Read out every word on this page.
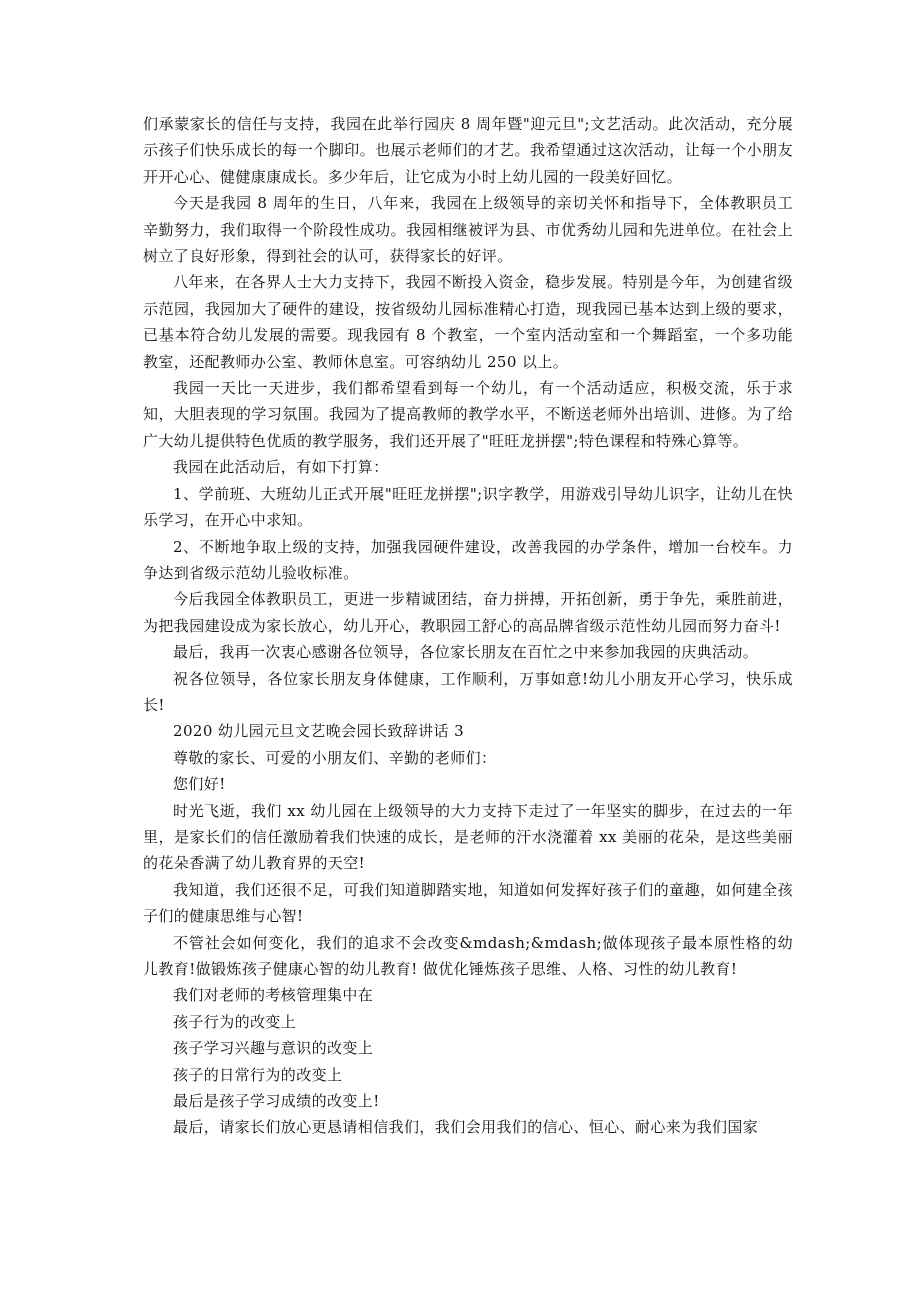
们承蒙家长的信任与支持，我园在此举行园庆 8 周年暨"迎元旦";文艺活动。此次活动，充分展示孩子们快乐成长的每一个脚印。也展示老师们的才艺。我希望通过这次活动，让每一个小朋友开开心心、健健康康成长。多少年后，让它成为小时上幼儿园的一段美好回忆。

今天是我园 8 周年的生日，八年来，我园在上级领导的亲切关怀和指导下，全体教职员工辛勤努力，我们取得一个阶段性成功。我园相继被评为县、市优秀幼儿园和先进单位。在社会上树立了良好形象，得到社会的认可，获得家长的好评。

八年来，在各界人士大力支持下，我园不断投入资金，稳步发展。特别是今年，为创建省级示范园，我园加大了硬件的建设，按省级幼儿园标准精心打造，现我园已基本达到上级的要求，已基本符合幼儿发展的需要。现我园有 8 个教室，一个室内活动室和一个舞蹈室，一个多功能教室，还配教师办公室、教师休息室。可容纳幼儿 250 以上。

我园一天比一天进步，我们都希望看到每一个幼儿，有一个活动适应，积极交流，乐于求知，大胆表现的学习氛围。我园为了提高教师的教学水平，不断送老师外出培训、进修。为了给广大幼儿提供特色优质的教学服务，我们还开展了"旺旺龙拼摆";特色课程和特殊心算等。

我园在此活动后，有如下打算：

1、学前班、大班幼儿正式开展"旺旺龙拼摆";识字教学，用游戏引导幼儿识字，让幼儿在快乐学习，在开心中求知。

2、不断地争取上级的支持，加强我园硬件建设，改善我园的办学条件，增加一台校车。力争达到省级示范幼儿验收标准。

今后我园全体教职员工，更进一步精诚团结，奋力拼搏，开拓创新，勇于争先，乘胜前进，为把我园建设成为家长放心，幼儿开心，教职园工舒心的高品牌省级示范性幼儿园而努力奋斗!

最后，我再一次衷心感谢各位领导，各位家长朋友在百忙之中来参加我园的庆典活动。

祝各位领导，各位家长朋友身体健康，工作顺利，万事如意!幼儿小朋友开心学习，快乐成长!

2020 幼儿园元旦文艺晚会园长致辞讲话 3

尊敬的家长、可爱的小朋友们、辛勤的老师们：

您们好!

时光飞逝，我们 xx 幼儿园在上级领导的大力支持下走过了一年坚实的脚步，在过去的一年里，是家长们的信任激励着我们快速的成长，是老师的汗水浇灌着 xx 美丽的花朵，是这些美丽的花朵香满了幼儿教育界的天空!

我知道，我们还很不足，可我们知道脚踏实地，知道如何发挥好孩子们的童趣，如何建全孩子们的健康思维与心智!

不管社会如何变化，我们的追求不会改变&mdash;&mdash;做体现孩子最本原性格的幼儿教育!做锻炼孩子健康心智的幼儿教育! 做优化锤炼孩子思维、人格、习性的幼儿教育!

我们对老师的考核管理集中在

孩子行为的改变上

孩子学习兴趣与意识的改变上

孩子的日常行为的改变上

最后是孩子学习成绩的改变上!

最后，请家长们放心更恳请相信我们，我们会用我们的信心、恒心、耐心来为我们国家
